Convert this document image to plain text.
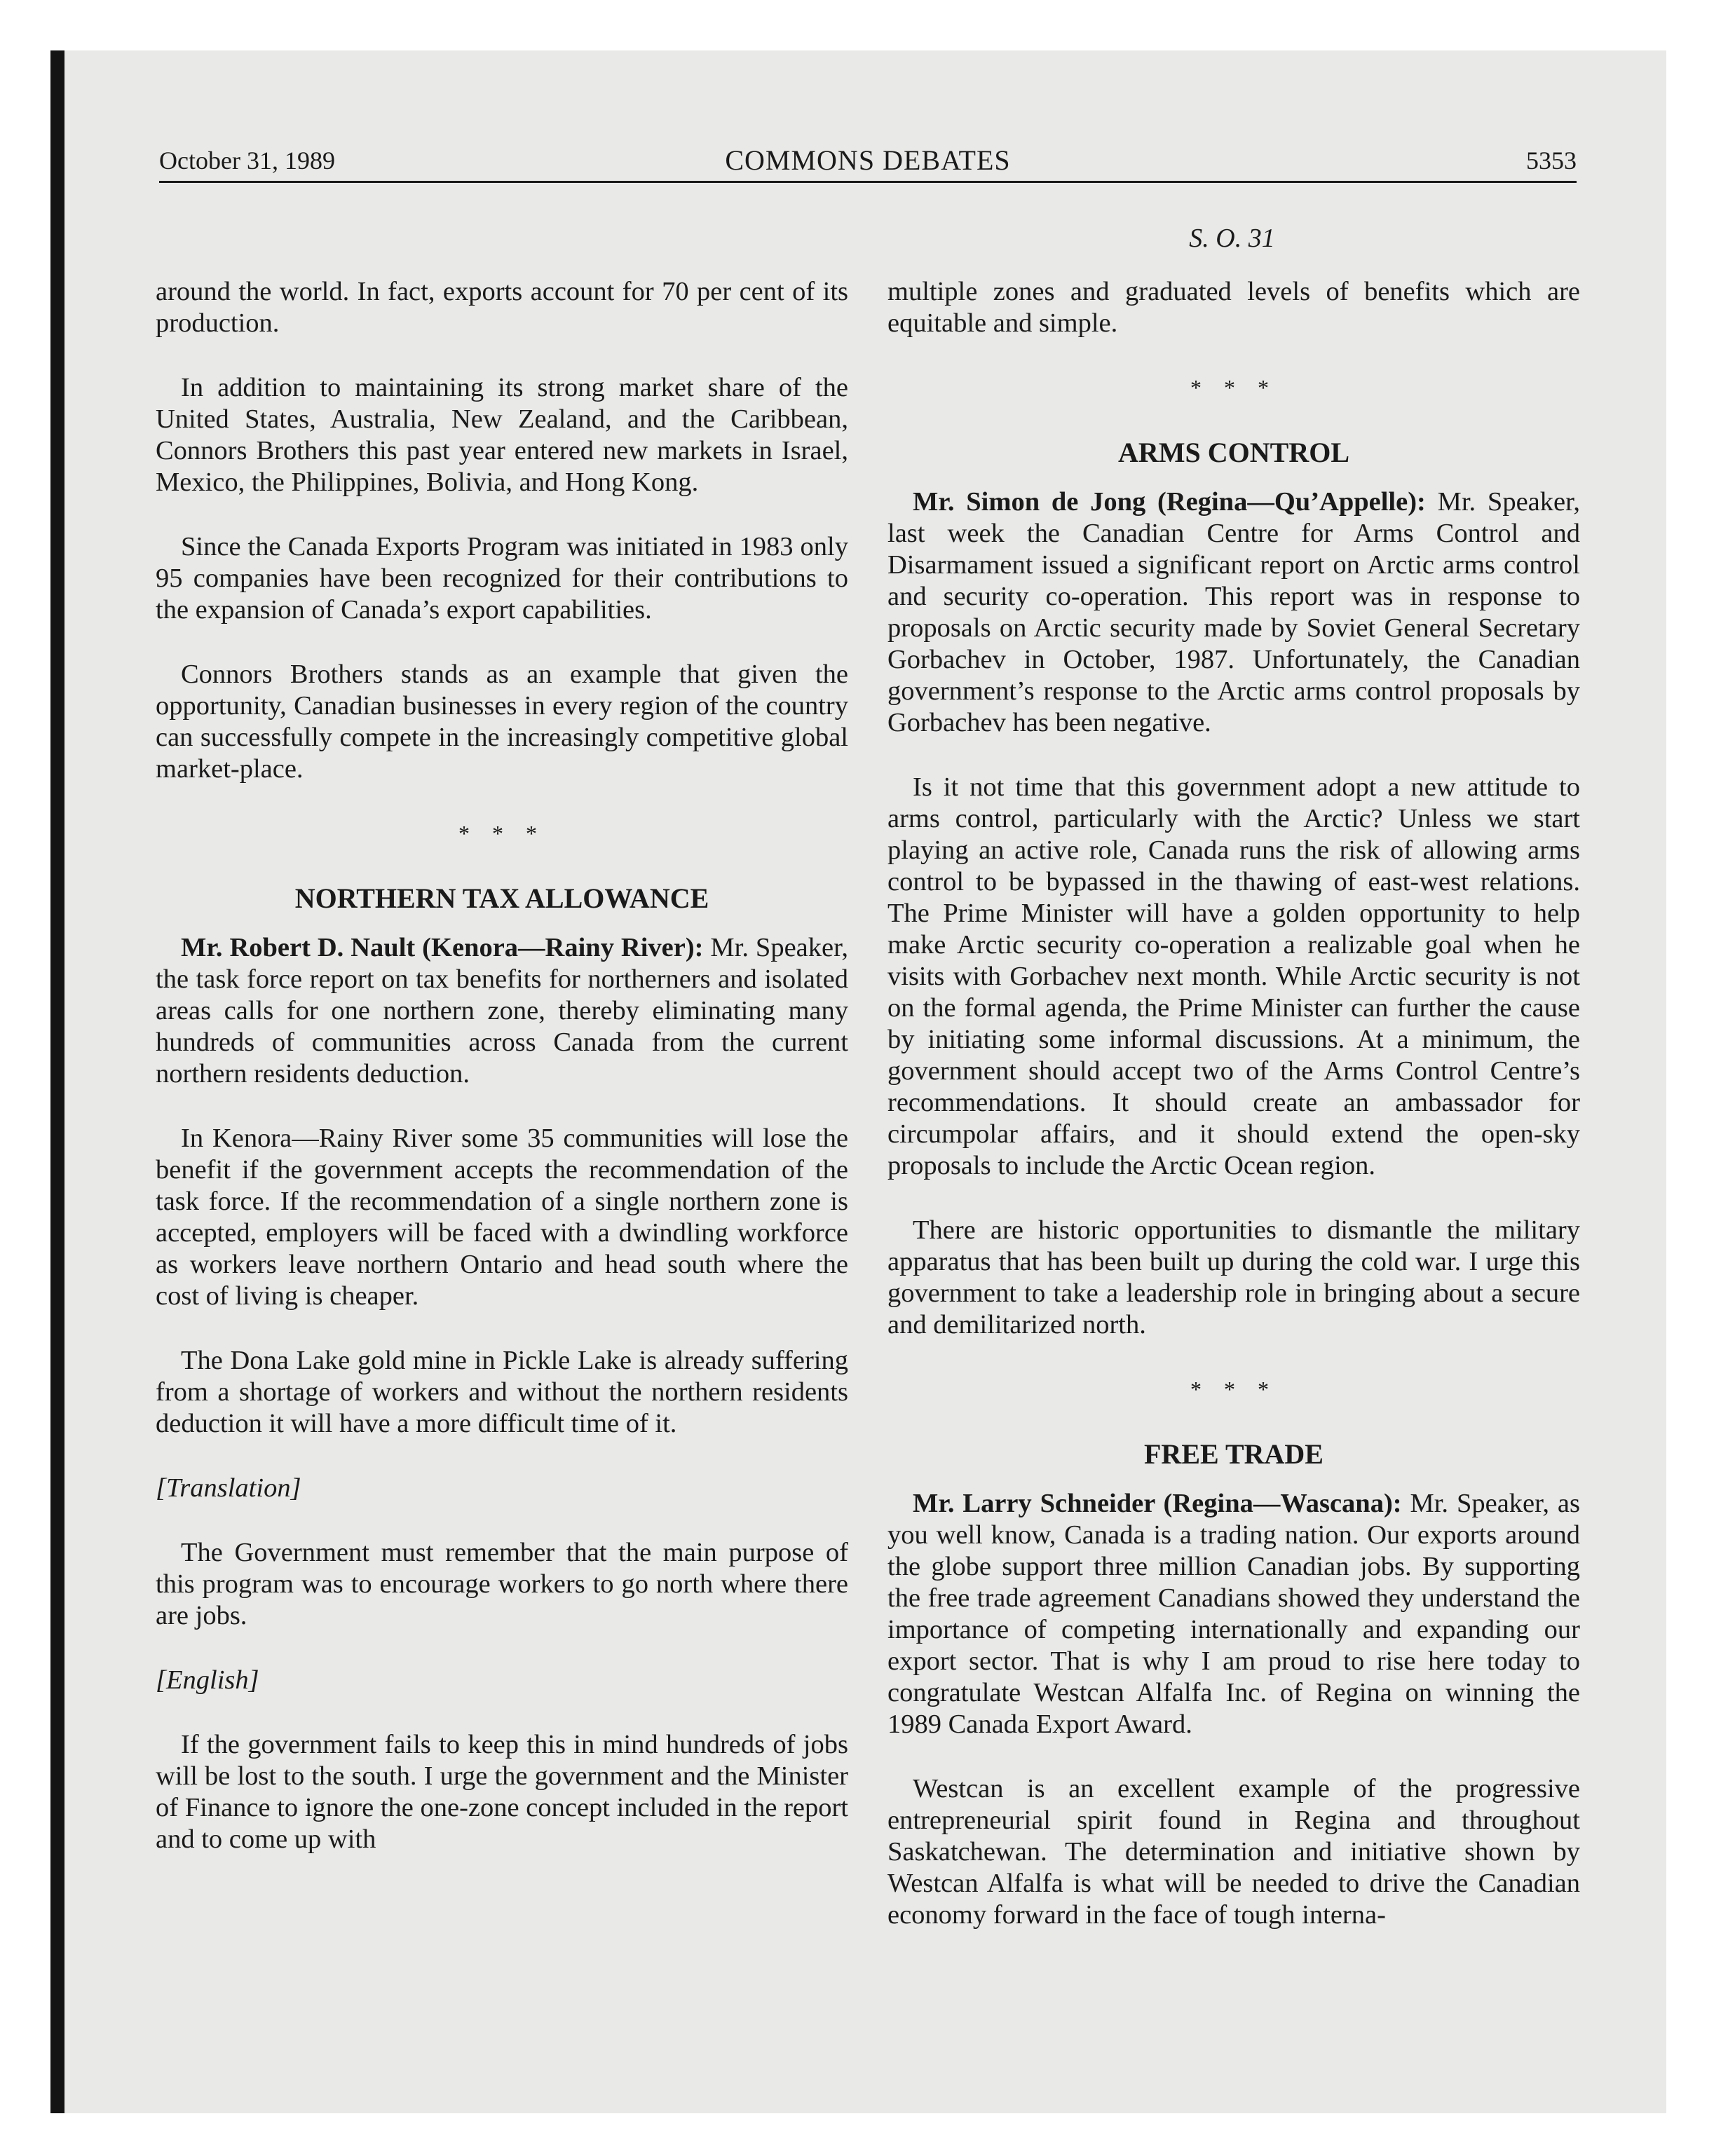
October 31, 1989	COMMONS DEBATES	5353
S. O. 31

around the world. In fact, exports account for 70 per cent of its production.

In addition to maintaining its strong market share of the United States, Australia, New Zealand, and the Caribbean, Connors Brothers this past year entered new markets in Israel, Mexico, the Philippines, Bolivia, and Hong Kong.

Since the Canada Exports Program was initiated in 1983 only 95 companies have been recognized for their contributions to the expansion of Canada’s export capabilities.

Connors Brothers stands as an example that given the opportunity, Canadian businesses in every region of the country can successfully compete in the increasingly competitive global market-place.

* * *
NORTHERN TAX ALLOWANCE

Mr. Robert D. Nault (Kenora—Rainy River): Mr. Speaker, the task force report on tax benefits for northerners and isolated areas calls for one northern zone, thereby eliminating many hundreds of communities across Canada from the current northern residents deduction.

In Kenora—Rainy River some 35 communities will lose the benefit if the government accepts the recommendation of the task force. If the recommendation of a single northern zone is accepted, employers will be faced with a dwindling workforce as workers leave northern Ontario and head south where the cost of living is cheaper.

The Dona Lake gold mine in Pickle Lake is already suffering from a shortage of workers and without the northern residents deduction it will have a more difficult time of it.

[Translation]

The Government must remember that the main purpose of this program was to encourage workers to go north where there are jobs.

[English]

If the government fails to keep this in mind hundreds of jobs will be lost to the south. I urge the government and the Minister of Finance to ignore the one-zone concept included in the report and to come up with

multiple zones and graduated levels of benefits which are equitable and simple.

* * *
ARMS CONTROL

Mr. Simon de Jong (Regina—Qu’Appelle): Mr. Speaker, last week the Canadian Centre for Arms Control and Disarmament issued a significant report on Arctic arms control and security co-operation. This report was in response to proposals on Arctic security made by Soviet General Secretary Gorbachev in October, 1987. Unfortunately, the Canadian government’s response to the Arctic arms control proposals by Gorbachev has been negative.

Is it not time that this government adopt a new attitude to arms control, particularly with the Arctic? Unless we start playing an active role, Canada runs the risk of allowing arms control to be bypassed in the thawing of east-west relations. The Prime Minister will have a golden opportunity to help make Arctic security co-operation a realizable goal when he visits with Gorbachev next month. While Arctic security is not on the formal agenda, the Prime Minister can further the cause by initiating some informal discussions. At a minimum, the government should accept two of the Arms Control Centre’s recommendations. It should create an ambassador for circumpolar affairs, and it should extend the open-sky proposals to include the Arctic Ocean region.

There are historic opportunities to dismantle the military apparatus that has been built up during the cold war. I urge this government to take a leadership role in bringing about a secure and demilitarized north.

* * *
FREE TRADE

Mr. Larry Schneider (Regina—Wascana): Mr. Speaker, as you well know, Canada is a trading nation. Our exports around the globe support three million Canadian jobs. By supporting the free trade agreement Canadians showed they understand the importance of competing internationally and expanding our export sector. That is why I am proud to rise here today to congratulate Westcan Alfalfa Inc. of Regina on winning the 1989 Canada Export Award.

Westcan is an excellent example of the progressive entrepreneurial spirit found in Regina and throughout Saskatchewan. The determination and initiative shown by Westcan Alfalfa is what will be needed to drive the Canadian economy forward in the face of tough interna-
